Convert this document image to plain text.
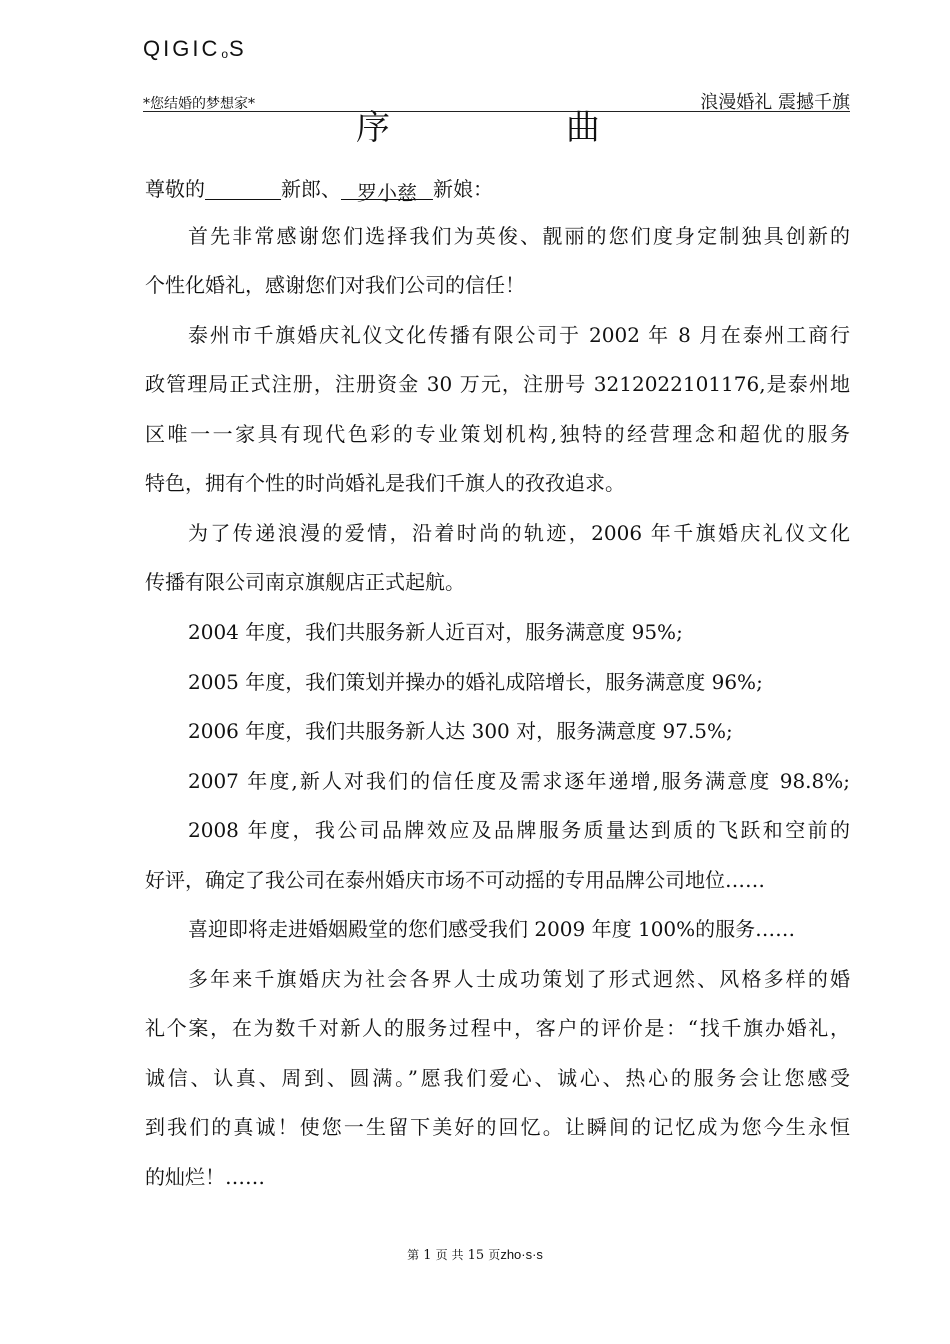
QIGICoS
*您结婚的梦想家*	浪漫婚礼 震撼千旗
序	曲
尊敬的	新郎、 罗小慈 新娘：
首先非常感谢您们选择我们为英俊、靓丽的您们度身定制独具创新的
个性化婚礼，感谢您们对我们公司的信任！
泰州市千旗婚庆礼仪文化传播有限公司于 2002 年 8 月在泰州工商行
政管理局正式注册，注册资金 30 万元，注册号 3212022101176,是泰州地
区唯一一家具有现代色彩的专业策划机构,独特的经营理念和超优的服务
特色，拥有个性的时尚婚礼是我们千旗人的孜孜追求。
为了传递浪漫的爱情，沿着时尚的轨迹，2006 年千旗婚庆礼仪文化
传播有限公司南京旗舰店正式起航。
2004 年度，我们共服务新人近百对，服务满意度 95%;
2005 年度，我们策划并操办的婚礼成陪增长，服务满意度 96%;
2006 年度，我们共服务新人达 300 对，服务满意度 97.5%;
2007 年度,新人对我们的信任度及需求逐年递增,服务满意度 98.8%;
2008 年度，我公司品牌效应及品牌服务质量达到质的飞跃和空前的
好评，确定了我公司在泰州婚庆市场不可动摇的专用品牌公司地位……
喜迎即将走进婚姻殿堂的您们感受我们 2009 年度 100%的服务……
多年来千旗婚庆为社会各界人士成功策划了形式迥然、风格多样的婚
礼个案，在为数千对新人的服务过程中，客户的评价是：“找千旗办婚礼，
诚信、认真、周到、圆满。”愿我们爱心、诚心、热心的服务会让您感受
到我们的真诚！使您一生留下美好的回忆。让瞬间的记忆成为您今生永恒
的灿烂！……
第 1 页 共 15 页zho·s·s
